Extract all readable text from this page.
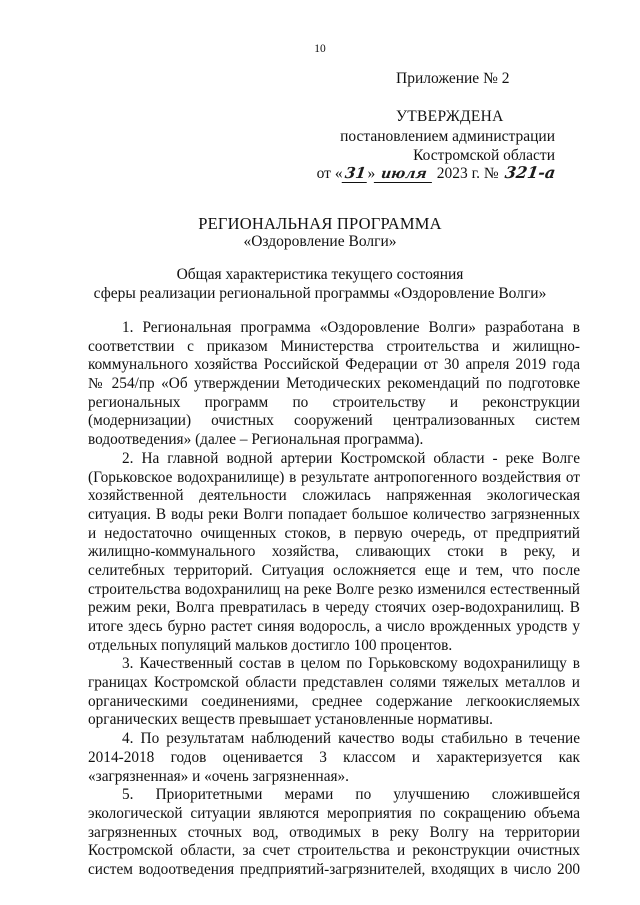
10
Приложение № 2
УТВЕРЖДЕНА
постановлением администрации
Костромской области
от «31» июля 2023 г. № 321-а
РЕГИОНАЛЬНАЯ ПРОГРАММА
«Оздоровление Волги»
Общая характеристика текущего состояния
сферы реализации региональной программы «Оздоровление Волги»
1. Региональная программа «Оздоровление Волги» разработана в
соответствии с приказом Министерства строительства и жилищно-
коммунального хозяйства Российской Федерации от 30 апреля 2019 года
№ 254/пр «Об утверждении Методических рекомендаций по подготовке
региональных программ по строительству и реконструкции
(модернизации) очистных сооружений централизованных систем
водоотведения» (далее – Региональная программа).
2. На главной водной артерии Костромской области - реке Волге
(Горьковское водохранилище) в результате антропогенного воздействия от
хозяйственной деятельности сложилась напряженная экологическая
ситуация. В воды реки Волги попадает большое количество загрязненных
и недостаточно очищенных стоков, в первую очередь, от предприятий
жилищно-коммунального хозяйства, сливающих стоки в реку, и
селитебных территорий. Ситуация осложняется еще и тем, что после
строительства водохранилищ на реке Волге резко изменился естественный
режим реки, Волга превратилась в череду стоячих озер-водохранилищ. В
итоге здесь бурно растет синяя водоросль, а число врожденных уродств у
отдельных популяций мальков достигло 100 процентов.
3. Качественный состав в целом по Горьковскому водохранилищу в
границах Костромской области представлен солями тяжелых металлов и
органическими соединениями, среднее содержание легкоокисляемых
органических веществ превышает установленные нормативы.
4. По результатам наблюдений качество воды стабильно в течение
2014-2018 годов оценивается 3 классом и характеризуется как
«загрязненная» и «очень загрязненная».
5. Приоритетными мерами по улучшению сложившейся
экологической ситуации являются мероприятия по сокращению объема
загрязненных сточных вод, отводимых в реку Волгу на территории
Костромской области, за счет строительства и реконструкции очистных
систем водоотведения предприятий-загрязнителей, входящих в число 200
